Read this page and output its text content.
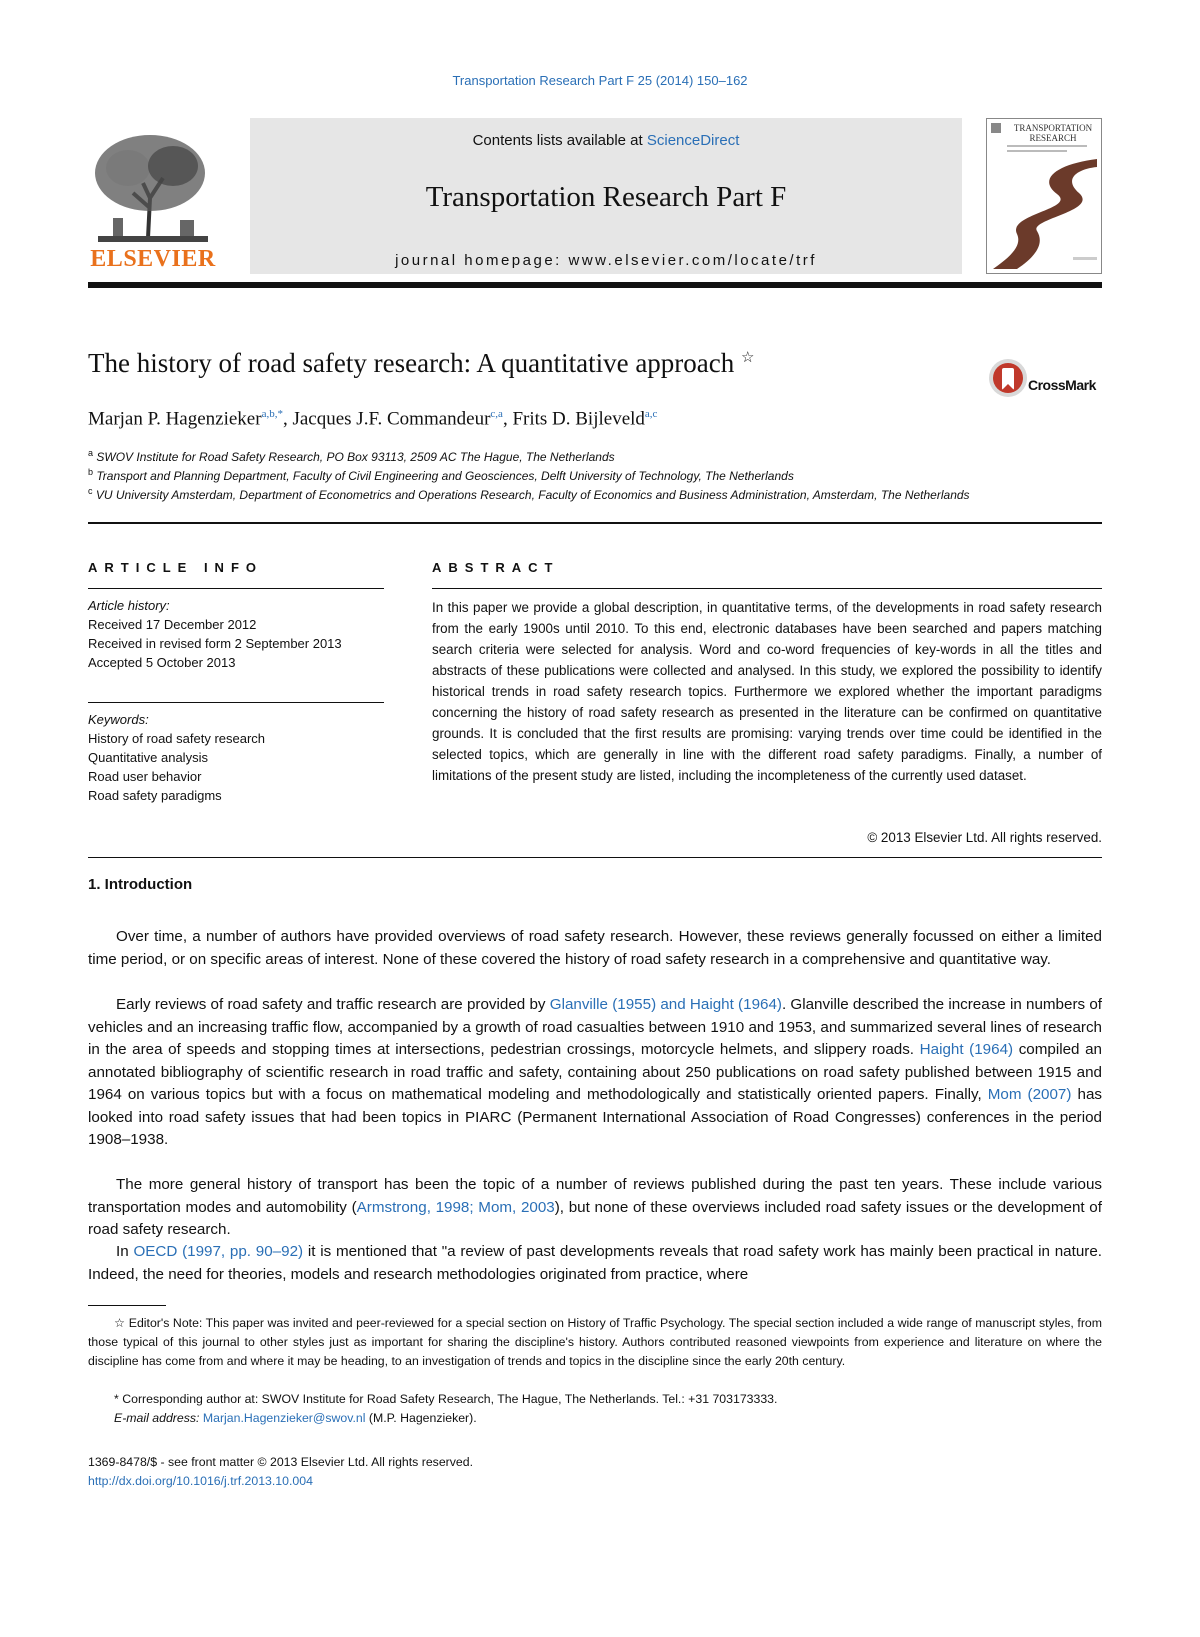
Transportation Research Part F 25 (2014) 150–162
ELSEVIER
Contents lists available at ScienceDirect
Transportation Research Part F
journal homepage: www.elsevier.com/locate/trf
TRANSPORTATION
RESEARCH
The history of road safety research: A quantitative approach ☆
CrossMark
Marjan P. Hagenzieker$^{a,b,*}$, Jacques J.F. Commandeur$^{c,a}$, Frits D. Bijleveld$^{a,c}$
$^a$ SWOV Institute for Road Safety Research, PO Box 93113, 2509 AC The Hague, The Netherlands
$^b$ Transport and Planning Department, Faculty of Civil Engineering and Geosciences, Delft University of Technology, The Netherlands
$^c$ VU University Amsterdam, Department of Econometrics and Operations Research, Faculty of Economics and Business Administration, Amsterdam, The Netherlands
ARTICLE INFO
Article history:
Received 17 December 2012
Received in revised form 2 September 2013
Accepted 5 October 2013
Keywords:
History of road safety research
Quantitative analysis
Road user behavior
Road safety paradigms
ABSTRACT
In this paper we provide a global description, in quantitative terms, of the developments in road safety research from the early 1900s until 2010. To this end, electronic databases have been searched and papers matching search criteria were selected for analysis. Word and co-word frequencies of key-words in all the titles and abstracts of these publications were collected and analysed. In this study, we explored the possibility to identify historical trends in road safety research topics. Furthermore we explored whether the important paradigms concerning the history of road safety research as presented in the literature can be confirmed on quantitative grounds. It is concluded that the first results are promising: varying trends over time could be identified in the selected topics, which are generally in line with the different road safety paradigms. Finally, a number of limitations of the present study are listed, including the incompleteness of the currently used dataset.
© 2013 Elsevier Ltd. All rights reserved.
1. Introduction
Over time, a number of authors have provided overviews of road safety research. However, these reviews generally focussed on either a limited time period, or on specific areas of interest. None of these covered the history of road safety research in a comprehensive and quantitative way.
Early reviews of road safety and traffic research are provided by Glanville (1955) and Haight (1964). Glanville described the increase in numbers of vehicles and an increasing traffic flow, accompanied by a growth of road casualties between 1910 and 1953, and summarized several lines of research in the area of speeds and stopping times at intersections, pedestrian crossings, motorcycle helmets, and slippery roads. Haight (1964) compiled an annotated bibliography of scientific research in road traffic and safety, containing about 250 publications on road safety published between 1915 and 1964 on various topics but with a focus on mathematical modeling and methodologically and statistically oriented papers. Finally, Mom (2007) has looked into road safety issues that had been topics in PIARC (Permanent International Association of Road Congresses) conferences in the period 1908–1938.
The more general history of transport has been the topic of a number of reviews published during the past ten years. These include various transportation modes and automobility (Armstrong, 1998; Mom, 2003), but none of these overviews included road safety issues or the development of road safety research.
In OECD (1997, pp. 90–92) it is mentioned that "a review of past developments reveals that road safety work has mainly been practical in nature. Indeed, the need for theories, models and research methodologies originated from practice, where
☆ Editor's Note: This paper was invited and peer-reviewed for a special section on History of Traffic Psychology. The special section included a wide range of manuscript styles, from those typical of this journal to other styles just as important for sharing the discipline's history. Authors contributed reasoned viewpoints from experience and literature on where the discipline has come from and where it may be heading, to an investigation of trends and topics in the discipline since the early 20th century.
* Corresponding author at: SWOV Institute for Road Safety Research, The Hague, The Netherlands. Tel.: +31 703173333.
E-mail address: Marjan.Hagenzieker@swov.nl (M.P. Hagenzieker).
1369-8478/$ - see front matter © 2013 Elsevier Ltd. All rights reserved.
http://dx.doi.org/10.1016/j.trf.2013.10.004
